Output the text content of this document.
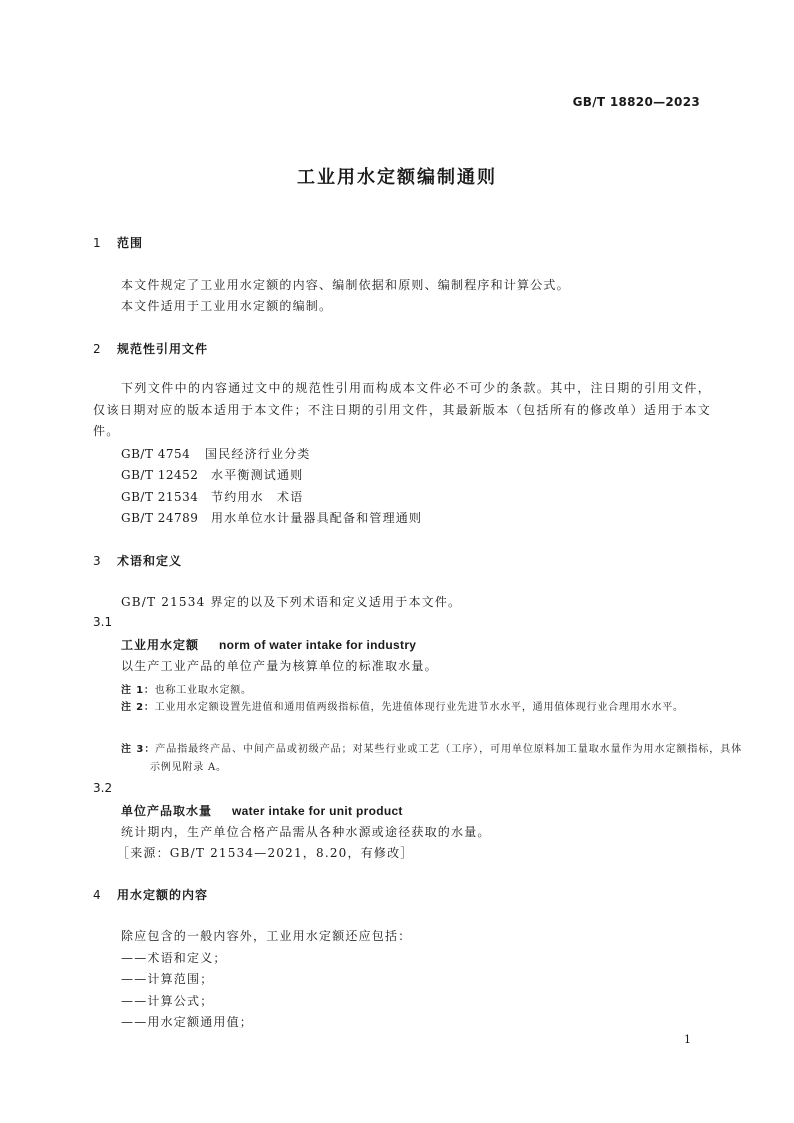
GB/T 18820—2023
工业用水定额编制通则
1 范围
本文件规定了工业用水定额的内容、编制依据和原则、编制程序和计算公式。
本文件适用于工业用水定额的编制。
2 规范性引用文件
下列文件中的内容通过文中的规范性引用而构成本文件必不可少的条款。其中，注日期的引用文件，仅该日期对应的版本适用于本文件；不注日期的引用文件，其最新版本（包括所有的修改单）适用于本文件。
GB/T 4754 国民经济行业分类
GB/T 12452 水平衡测试通则
GB/T 21534 节约用水　术语
GB/T 24789 用水单位水计量器具配备和管理通则
3 术语和定义
GB/T 21534 界定的以及下列术语和定义适用于本文件。
3.1
工业用水定额 norm of water intake for industry
以生产工业产品的单位产量为核算单位的标准取水量。
注 1：也称工业取水定额。
注 2：工业用水定额设置先进值和通用值两级指标值，先进值体现行业先进节水水平，通用值体现行业合理用水水平。
注 3：产品指最终产品、中间产品或初级产品；对某些行业或工艺（工序），可用单位原料加工量取水量作为用水定额指标，具体示例见附录 A。
3.2
单位产品取水量 water intake for unit product
统计期内，生产单位合格产品需从各种水源或途径获取的水量。
［来源：GB/T 21534—2021，8.20，有修改］
4 用水定额的内容
除应包含的一般内容外，工业用水定额还应包括：
——术语和定义；
——计算范围；
——计算公式；
——用水定额通用值；
1
